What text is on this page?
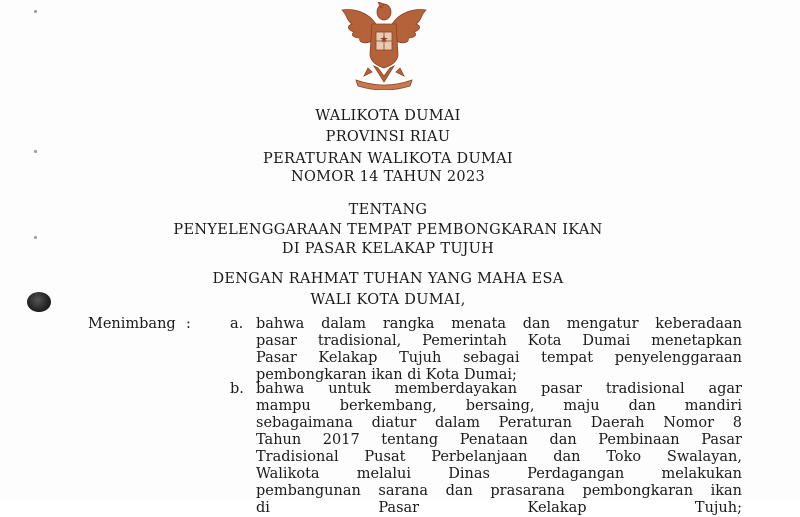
WALIKOTA DUMAI
PROVINSI RIAU
PERATURAN WALIKOTA DUMAI
NOMOR 14 TAHUN 2023
TENTANG
PENYELENGGARAAN TEMPAT PEMBONGKARAN IKAN
DI PASAR KELAKAP TUJUH
DENGAN RAHMAT TUHAN YANG MAHA ESA
WALI KOTA DUMAI,
Menimbang :	a. bahwa dalam rangka menata dan mengatur keberadaan
pasar tradisional, Pemerintah Kota Dumai menetapkan
Pasar Kelakap Tujuh sebagai tempat penyelenggaraan
pembongkaran ikan di Kota Dumai;
b. bahwa untuk memberdayakan pasar tradisional agar
mampu berkembang, bersaing, maju dan mandiri
sebagaimana diatur dalam Peraturan Daerah Nomor 8
Tahun 2017 tentang Penataan dan Pembinaan Pasar
Tradisional Pusat Perbelanjaan dan Toko Swalayan,
Walikota melalui Dinas Perdagangan melakukan
pembangunan sarana dan prasarana pembongkaran ikan
di Pasar Kelakap Tujuh;
